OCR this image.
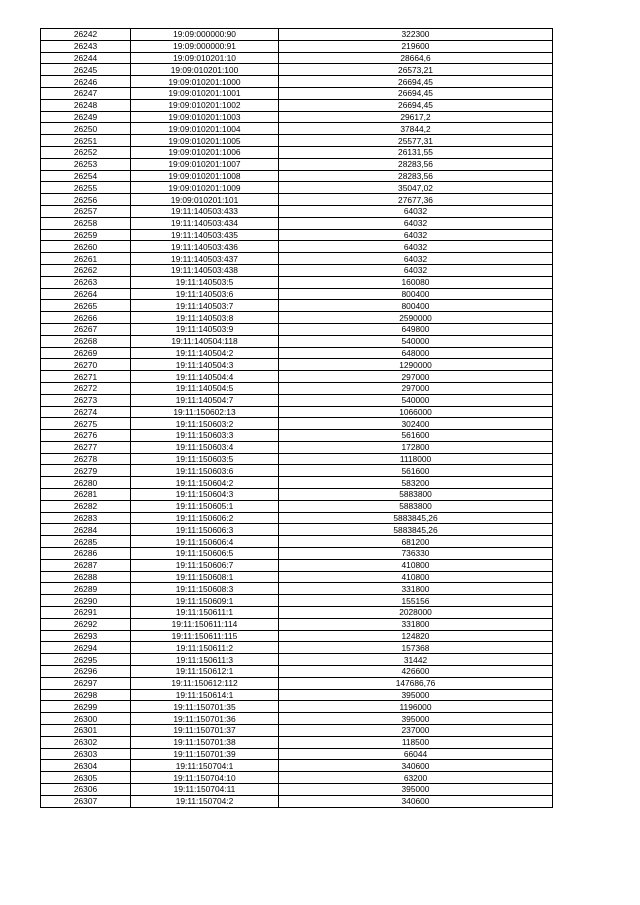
26242	19:09:000000:90	322300
26243	19:09:000000:91	219600
26244	19:09:010201:10	28664,6
26245	19:09:010201:100	26573,21
26246	19:09:010201:1000	26694,45
26247	19:09:010201:1001	26694,45
26248	19:09:010201:1002	26694,45
26249	19:09:010201:1003	29617,2
26250	19:09:010201:1004	37844,2
26251	19:09:010201:1005	25577,31
26252	19:09:010201:1006	26131,55
26253	19:09:010201:1007	28283,56
26254	19:09:010201:1008	28283,56
26255	19:09:010201:1009	35047,02
26256	19:09:010201:101	27677,36
26257	19:11:140503:433	64032
26258	19:11:140503:434	64032
26259	19:11:140503:435	64032
26260	19:11:140503:436	64032
26261	19:11:140503:437	64032
26262	19:11:140503:438	64032
26263	19:11:140503:5	160080
26264	19:11:140503:6	800400
26265	19:11:140503:7	800400
26266	19:11:140503:8	2590000
26267	19:11:140503:9	649800
26268	19:11:140504:118	540000
26269	19:11:140504:2	648000
26270	19:11:140504:3	1290000
26271	19:11:140504:4	297000
26272	19:11:140504:5	297000
26273	19:11:140504:7	540000
26274	19:11:150602:13	1066000
26275	19:11:150603:2	302400
26276	19:11:150603:3	561600
26277	19:11:150603:4	172800
26278	19:11:150603:5	1118000
26279	19:11:150603:6	561600
26280	19:11:150604:2	583200
26281	19:11:150604:3	5883800
26282	19:11:150605:1	5883800
26283	19:11:150606:2	5883845,26
26284	19:11:150606:3	5883845,26
26285	19:11:150606:4	681200
26286	19:11:150606:5	736330
26287	19:11:150606:7	410800
26288	19:11:150608:1	410800
26289	19:11:150608:3	331800
26290	19:11:150609:1	155156
26291	19:11:150611:1	2028000
26292	19:11:150611:114	331800
26293	19:11:150611:115	124820
26294	19:11:150611:2	157368
26295	19:11:150611:3	31442
26296	19:11:150612:1	426600
26297	19:11:150612:112	147686,76
26298	19:11:150614:1	395000
26299	19:11:150701:35	1196000
26300	19:11:150701:36	395000
26301	19:11:150701:37	237000
26302	19:11:150701:38	118500
26303	19:11:150701:39	66044
26304	19:11:150704:1	340600
26305	19:11:150704:10	63200
26306	19:11:150704:11	395000
26307	19:11:150704:2	340600
